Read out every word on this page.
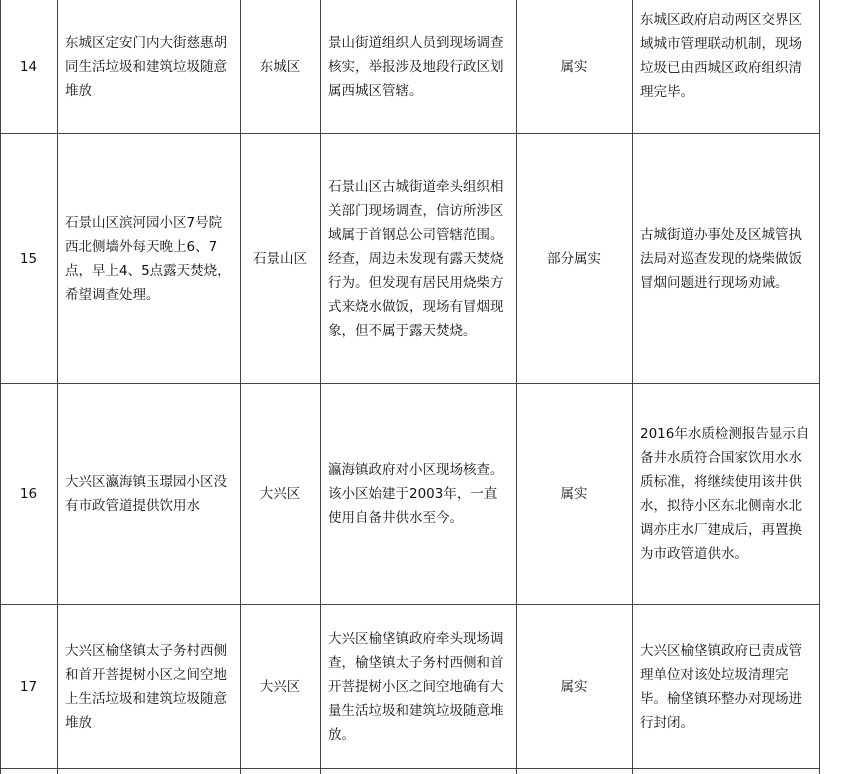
14
东城区定安门内大街慈惠胡同生活垃圾和建筑垃圾随意堆放
东城区
景山街道组织人员到现场调查核实，举报涉及地段行政区划属西城区管辖。
属实
东城区政府启动两区交界区域城市管理联动机制，现场垃圾已由西城区政府组织清理完毕。
15
石景山区滨河园小区7号院西北侧墙外每天晚上6、7点，早上4、5点露天焚烧，希望调查处理。
石景山区
石景山区古城街道牵头组织相关部门现场调查，信访所涉区域属于首钢总公司管辖范围。经查，周边未发现有露天焚烧行为。但发现有居民用烧柴方式来烧水做饭，现场有冒烟现象，但不属于露天焚烧。
部分属实
古城街道办事处及区城管执法局对巡查发现的烧柴做饭冒烟问题进行现场劝诫。
16
大兴区瀛海镇玉璟园小区没有市政管道提供饮用水
大兴区
瀛海镇政府对小区现场核查。该小区始建于2003年，一直使用自备井供水至今。
属实
2016年水质检测报告显示自备井水质符合国家饮用水水质标准，将继续使用该井供水，拟待小区东北侧南水北调亦庄水厂建成后，再置换为市政管道供水。
17
大兴区榆垡镇太子务村西侧和首开菩提树小区之间空地上生活垃圾和建筑垃圾随意堆放
大兴区
大兴区榆垡镇政府牵头现场调查，榆垡镇太子务村西侧和首开菩提树小区之间空地确有大量生活垃圾和建筑垃圾随意堆放。
属实
大兴区榆垡镇政府已责成管理单位对该处垃圾清理完毕。榆垡镇环整办对现场进行封闭。
